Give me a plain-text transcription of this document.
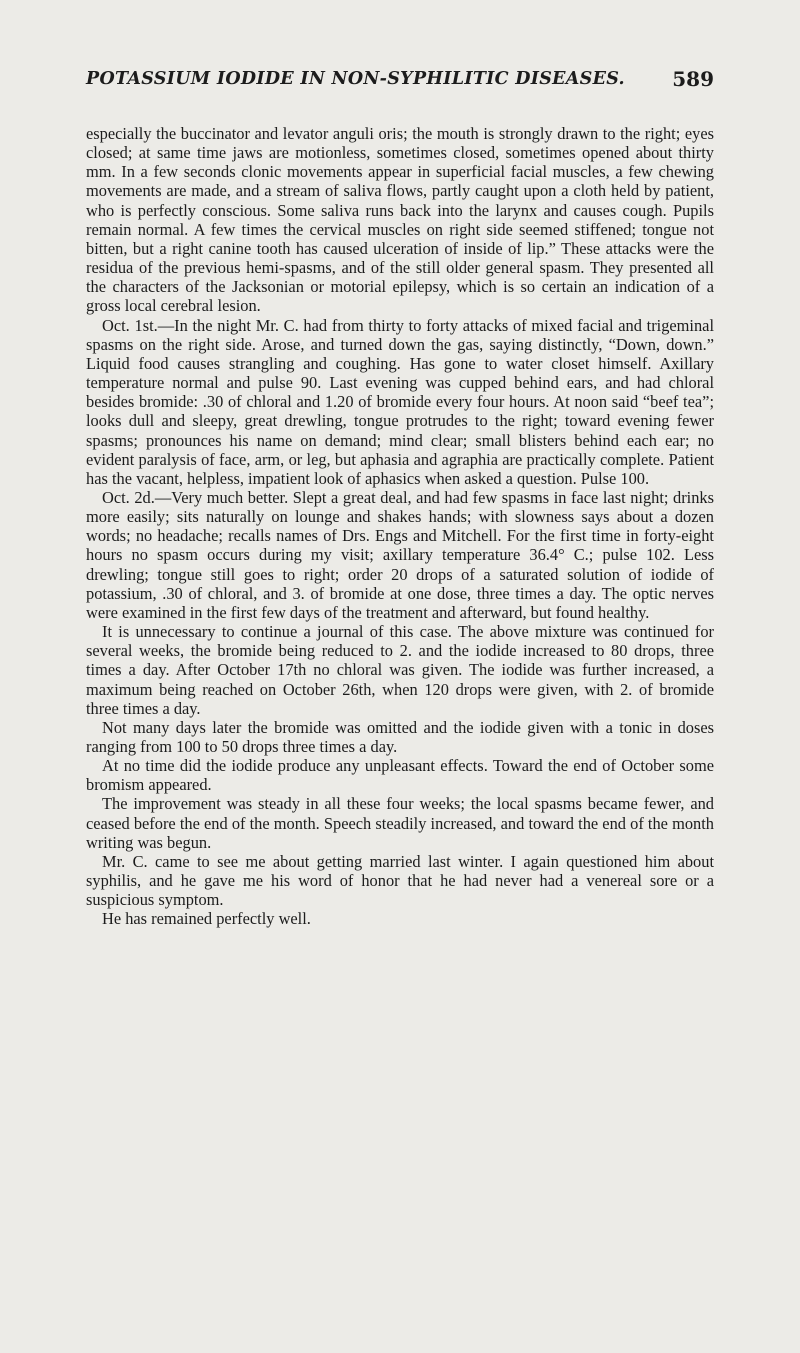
POTASSIUM IODIDE IN NON-SYPHILITIC DISEASES. 589

especially the buccinator and levator anguli oris; the mouth is strongly drawn to the right; eyes closed; at same time jaws are motionless, sometimes closed, sometimes opened about thirty mm. In a few seconds clonic movements appear in superficial facial muscles, a few chewing movements are made, and a stream of saliva flows, partly caught upon a cloth held by patient, who is perfectly conscious. Some saliva runs back into the larynx and causes cough. Pupils remain normal. A few times the cervical muscles on right side seemed stiffened; tongue not bitten, but a right canine tooth has caused ulceration of inside of lip.” These attacks were the residua of the previous hemi-spasms, and of the still older general spasm. They presented all the characters of the Jacksonian or motorial epilepsy, which is so certain an indication of a gross local cerebral lesion.

Oct. 1st.—In the night Mr. C. had from thirty to forty attacks of mixed facial and trigeminal spasms on the right side. Arose, and turned down the gas, saying distinctly, “Down, down.” Liquid food causes strangling and coughing. Has gone to water closet himself. Axillary temperature normal and pulse 90. Last evening was cupped behind ears, and had chloral besides bromide: .30 of chloral and 1.20 of bromide every four hours. At noon said “beef tea”; looks dull and sleepy, great drewling, tongue protrudes to the right; toward evening fewer spasms; pronounces his name on demand; mind clear; small blisters behind each ear; no evident paralysis of face, arm, or leg, but aphasia and agraphia are practically complete. Patient has the vacant, helpless, impatient look of aphasics when asked a question. Pulse 100.

Oct. 2d.—Very much better. Slept a great deal, and had few spasms in face last night; drinks more easily; sits naturally on lounge and shakes hands; with slowness says about a dozen words; no headache; recalls names of Drs. Engs and Mitchell. For the first time in forty-eight hours no spasm occurs during my visit; axillary temperature 36.4° C.; pulse 102. Less drewling; tongue still goes to right; order 20 drops of a saturated solution of iodide of potassium, .30 of chloral, and 3. of bromide at one dose, three times a day. The optic nerves were examined in the first few days of the treatment and afterward, but found healthy.

It is unnecessary to continue a journal of this case. The above mixture was continued for several weeks, the bromide being reduced to 2. and the iodide increased to 80 drops, three times a day. After October 17th no chloral was given. The iodide was further increased, a maximum being reached on October 26th, when 120 drops were given, with 2. of bromide three times a day.

Not many days later the bromide was omitted and the iodide given with a tonic in doses ranging from 100 to 50 drops three times a day.

At no time did the iodide produce any unpleasant effects. Toward the end of October some bromism appeared.

The improvement was steady in all these four weeks; the local spasms became fewer, and ceased before the end of the month. Speech steadily increased, and toward the end of the month writing was begun.

Mr. C. came to see me about getting married last winter. I again questioned him about syphilis, and he gave me his word of honor that he had never had a venereal sore or a suspicious symptom.

He has remained perfectly well.
